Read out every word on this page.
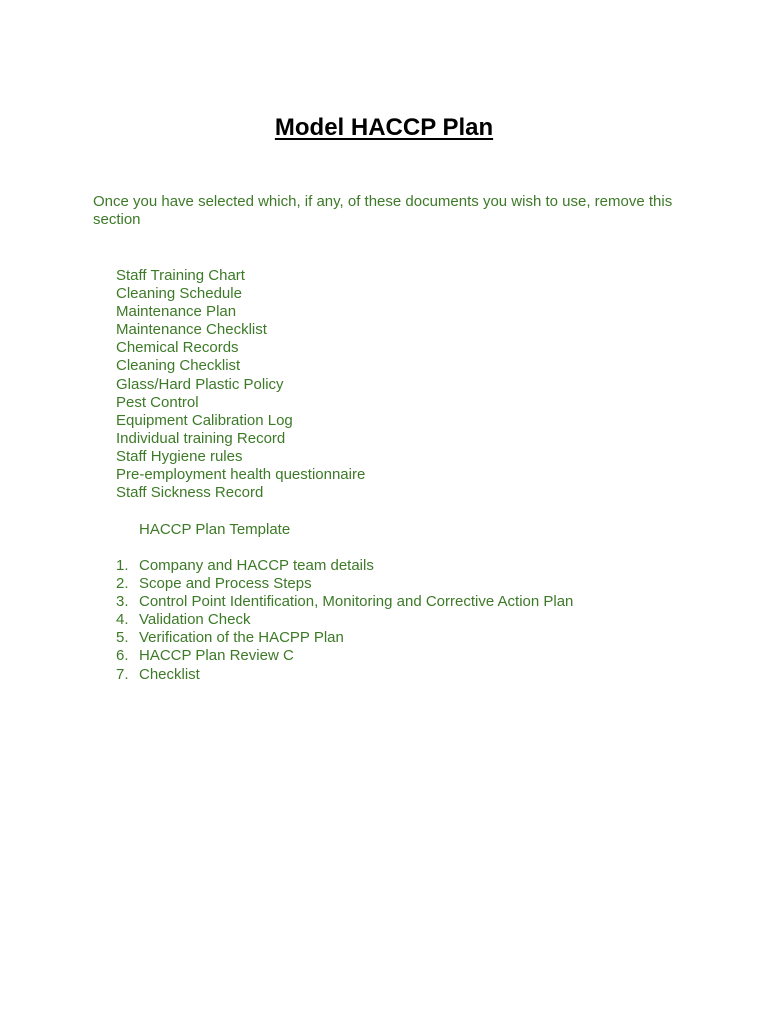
Model HACCP Plan

Once you have selected which, if any, of these documents you wish to use, remove this section

Staff Training Chart
Cleaning Schedule
Maintenance Plan
Maintenance Checklist
Chemical Records
Cleaning Checklist
Glass/Hard Plastic Policy
Pest Control
Equipment Calibration Log
Individual training Record
Staff Hygiene rules
Pre-employment health questionnaire
Staff Sickness Record

HACCP Plan Template

1. Company and HACCP team details
2. Scope and Process Steps
3. Control Point Identification, Monitoring and Corrective Action Plan
4. Validation Check
5. Verification of the HACPP Plan
6. HACCP Plan Review C
7. Checklist
